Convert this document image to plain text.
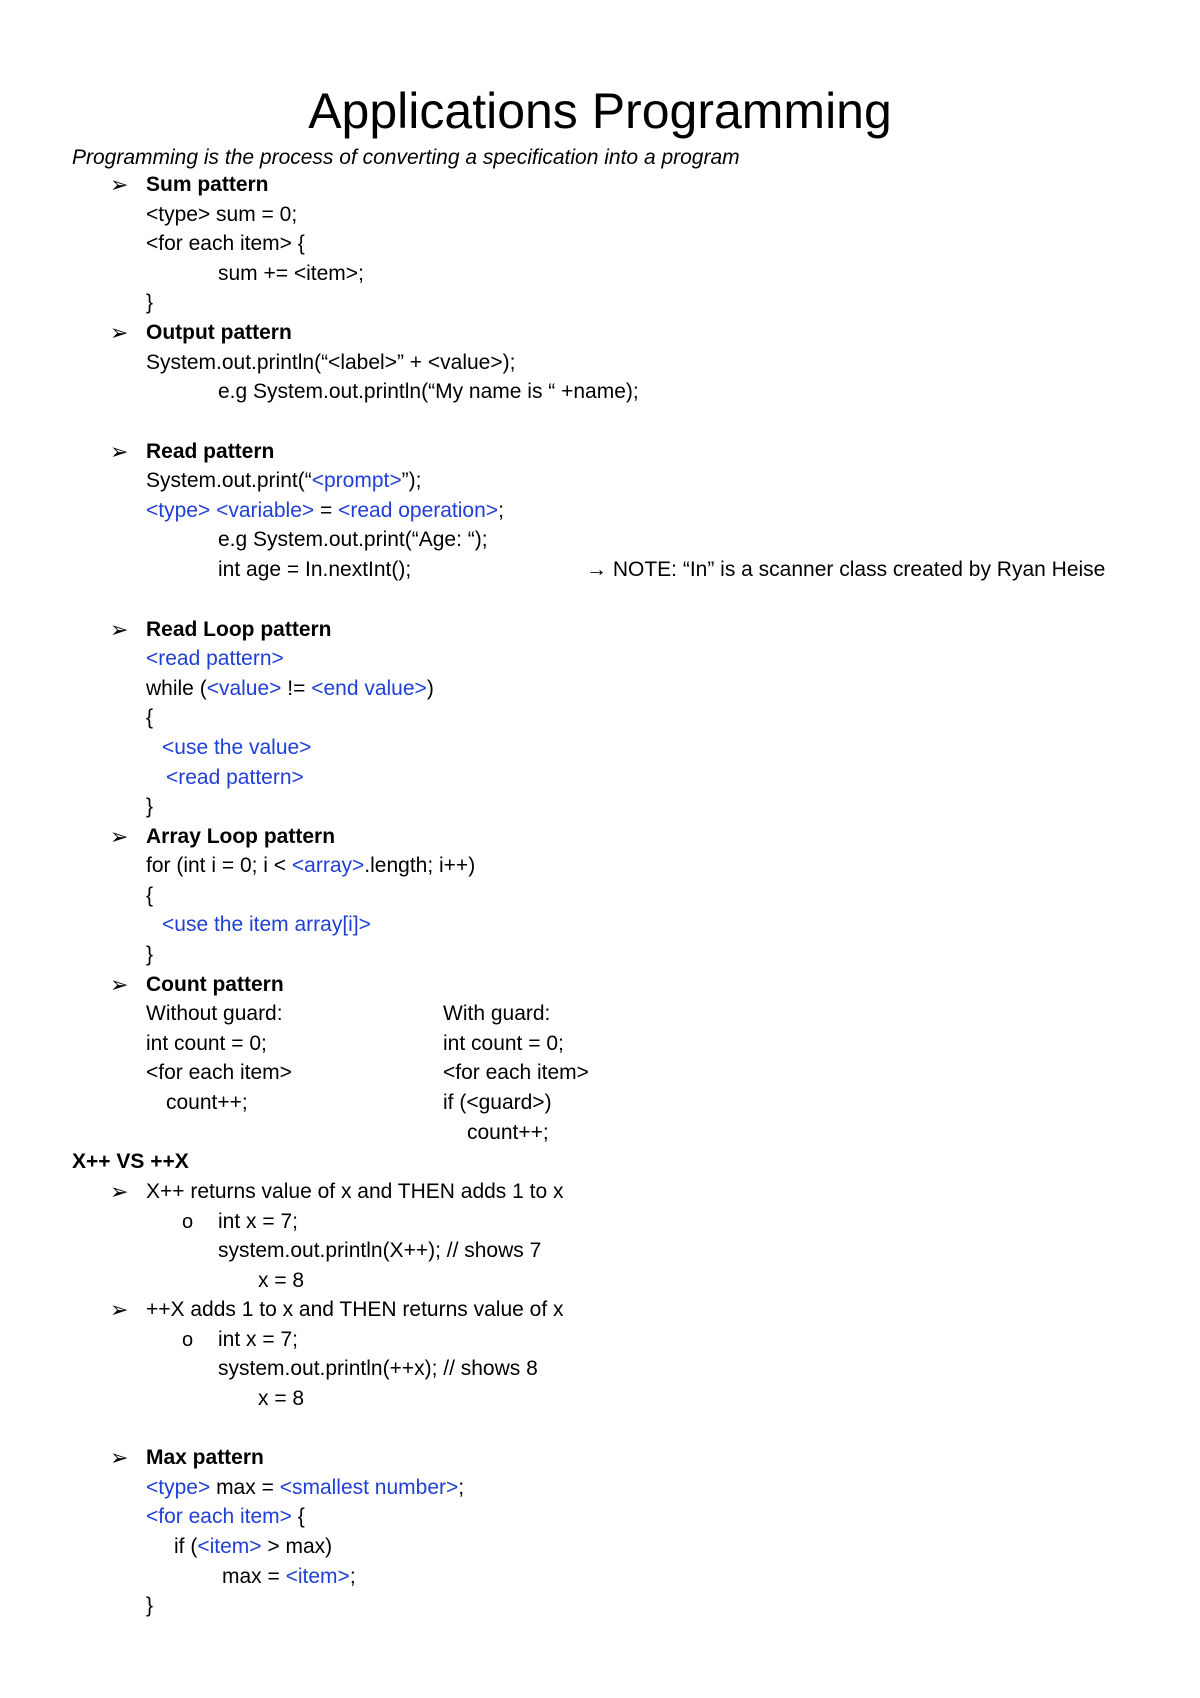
Applications Programming

Programming is the process of converting a specification into a program

➢ Sum pattern
<type> sum = 0;
<for each item> {
sum += <item>;
}
➢ Output pattern
System.out.println(“<label>” + <value>);
e.g System.out.println(“My name is “ +name);
➢ Read pattern
System.out.print(“<prompt>”);
<type> <variable> = <read operation>;
e.g System.out.print(“Age: “);
int age = In.nextInt();	→ NOTE: “In” is a scanner class created by Ryan Heise
➢ Read Loop pattern
<read pattern>
while (<value> != <end value>)
{
<use the value>
<read pattern>
}
➢ Array Loop pattern
for (int i = 0; i < <array>.length; i++)
{
<use the item array[i]>
}
➢ Count pattern
Without guard:
int count = 0;
<for each item>
count++;
With guard:
int count = 0;
<for each item>
if (<guard>)
count++;
X++ VS ++X
➢ X++ returns value of x and THEN adds 1 to x
o int x = 7;
system.out.println(X++); // shows 7
x = 8
➢ ++X adds 1 to x and THEN returns value of x
o int x = 7;
system.out.println(++x); // shows 8
x = 8
➢ Max pattern
<type> max = <smallest number>;
<for each item> {
if (<item> > max)
max = <item>;
}
